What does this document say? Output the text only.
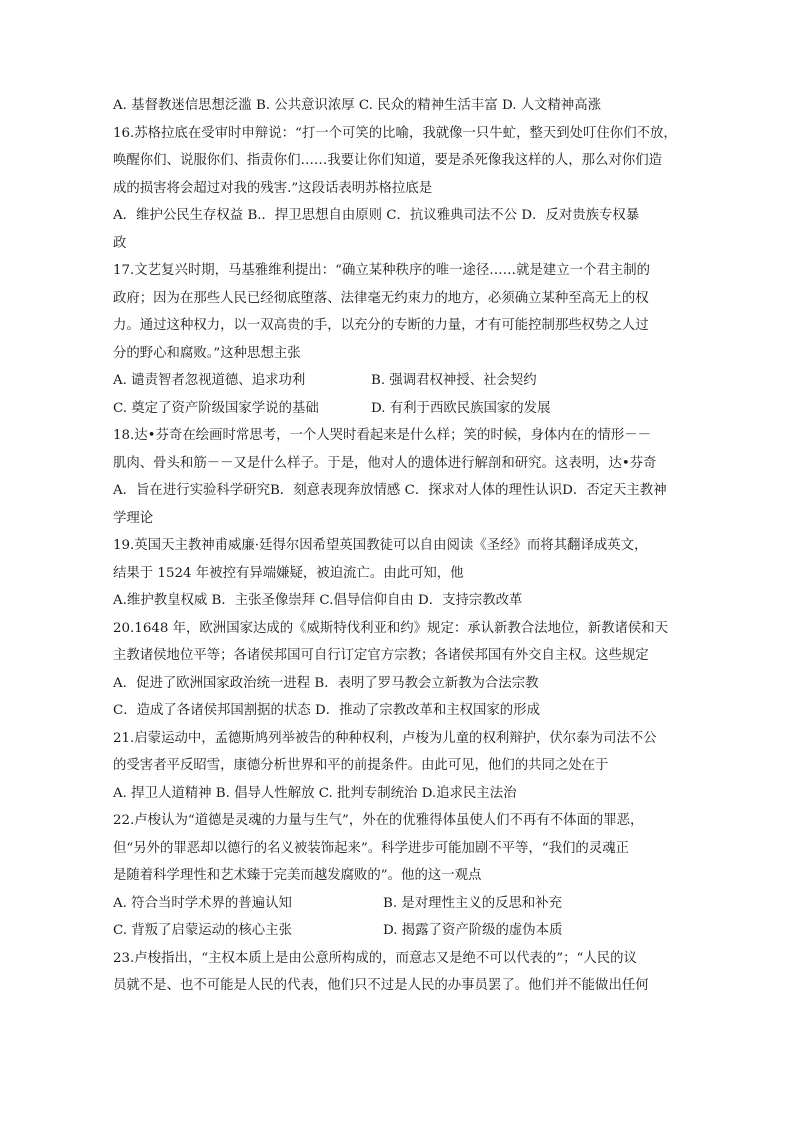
A. 基督教迷信思想泛滥 B. 公共意识浓厚 C. 民众的精神生活丰富 D. 人文精神高涨
16.苏格拉底在受审时申辩说：“打一个可笑的比喻，我就像一只牛虻，整天到处叮住你们不放，
唤醒你们、说服你们、指责你们……我要让你们知道，要是杀死像我这样的人，那么对你们造
成的损害将会超过对我的残害.”这段话表明苏格拉底是
A．维护公民生存权益 B.．捍卫思想自由原则 C．抗议雅典司法不公 D．反对贵族专权暴
政
17.文艺复兴时期，马基雅维利提出：“确立某种秩序的唯一途径……就是建立一个君主制的
政府；因为在那些人民已经彻底堕落、法律毫无约束力的地方，必须确立某种至高无上的权
力。通过这种权力，以一双高贵的手，以充分的专断的力量，才有可能控制那些权势之人过
分的野心和腐败。”这种思想主张
A. 谴责智者忽视道德、追求功利	B. 强调君权神授、社会契约
C. 奠定了资产阶级国家学说的基础	D. 有利于西欧民族国家的发展
18.达•芬奇在绘画时常思考，一个人哭时看起来是什么样；笑的时候，身体内在的情形－－
肌肉、骨头和筋－－又是什么样子。于是，他对人的遗体进行解剖和研究。这表明，达•芬奇
A．旨在进行实验科学研究B．刻意表现奔放情感 C．探求对人体的理性认识D．否定天主教神
学理论
19.英国天主教神甫威廉·廷得尔因希望英国教徒可以自由阅读《圣经》而将其翻译成英文，
结果于 1524 年被控有异端嫌疑，被迫流亡。由此可知，他
A.维护教皇权威 B．主张圣像崇拜 C.倡导信仰自由 D．支持宗教改革
20.1648 年，欧洲国家达成的《威斯特伐利亚和约》规定：承认新教合法地位，新教诸侯和天
主教诸侯地位平等；各诸侯邦国可自行订定官方宗教；各诸侯邦国有外交自主权。这些规定
A．促进了欧洲国家政治统一进程 B．表明了罗马教会立新教为合法宗教
C．造成了各诸侯邦国割据的状态 D．推动了宗教改革和主权国家的形成
21.启蒙运动中，孟德斯鸠列举被告的种种权利，卢梭为儿童的权利辩护，伏尔泰为司法不公
的受害者平反昭雪，康德分析世界和平的前提条件。由此可见，他们的共同之处在于
A. 捍卫人道精神 B. 倡导人性解放 C. 批判专制统治 D.追求民主法治
22.卢梭认为“道德是灵魂的力量与生气”，外在的优雅得体虽使人们不再有不体面的罪恶，
但“另外的罪恶却以德行的名义被装饰起来”。科学进步可能加剧不平等，“我们的灵魂正
是随着科学理性和艺术臻于完美而越发腐败的”。他的这一观点
A. 符合当时学术界的普遍认知	B. 是对理性主义的反思和补充
C. 背叛了启蒙运动的核心主张	D. 揭露了资产阶级的虚伪本质
23.卢梭指出，“主权本质上是由公意所构成的，而意志又是绝不可以代表的”；“人民的议
员就不是、也不可能是人民的代表，他们只不过是人民的办事员罢了。他们并不能做出任何
